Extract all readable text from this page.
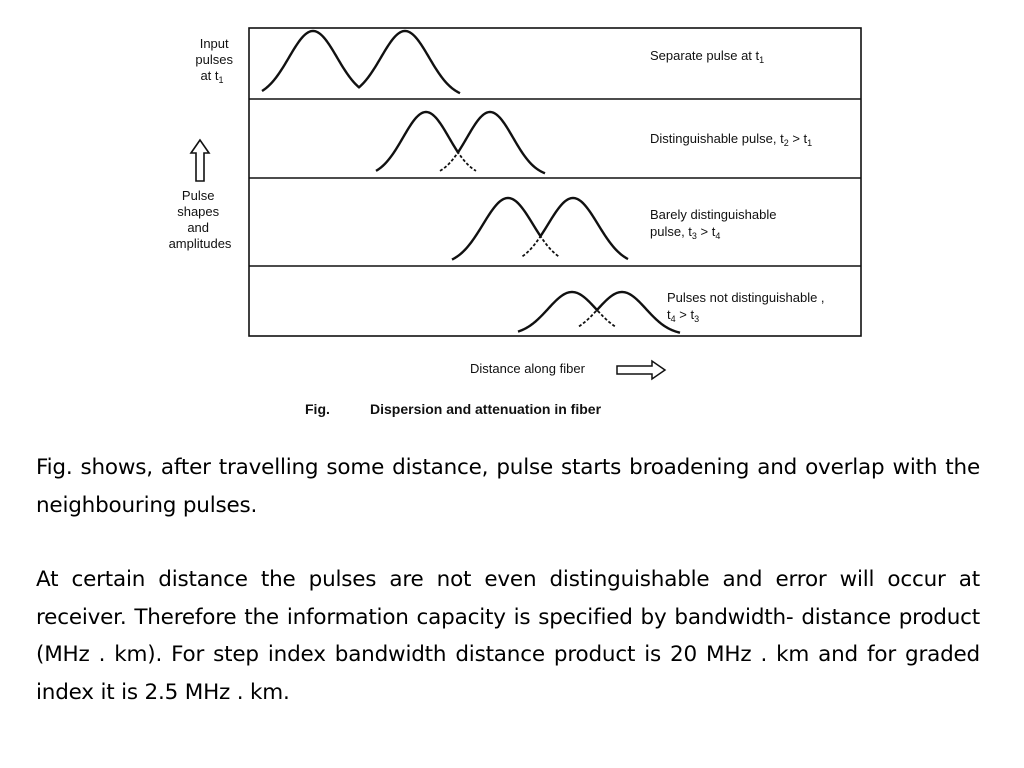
Input pulses at $t_1$
Pulse shapes and amplitudes
Separate pulse at $t_1$
Distinguishable pulse, $t_2 > t_1$
Barely distinguishable pulse, $t_3 > t_4$
Pulses not distinguishable , $t_4 > t_3$
Distance along fiber
Fig.	Dispersion and attenuation in fiber

Fig. shows, after travelling some distance, pulse starts broadening and overlap with the neighbouring pulses.

At certain distance the pulses are not even distinguishable and error will occur at receiver. Therefore the information capacity is specified by bandwidth- distance product (MHz . km). For step index bandwidth distance product is 20 MHz . km and for graded index it is 2.5 MHz . km.
